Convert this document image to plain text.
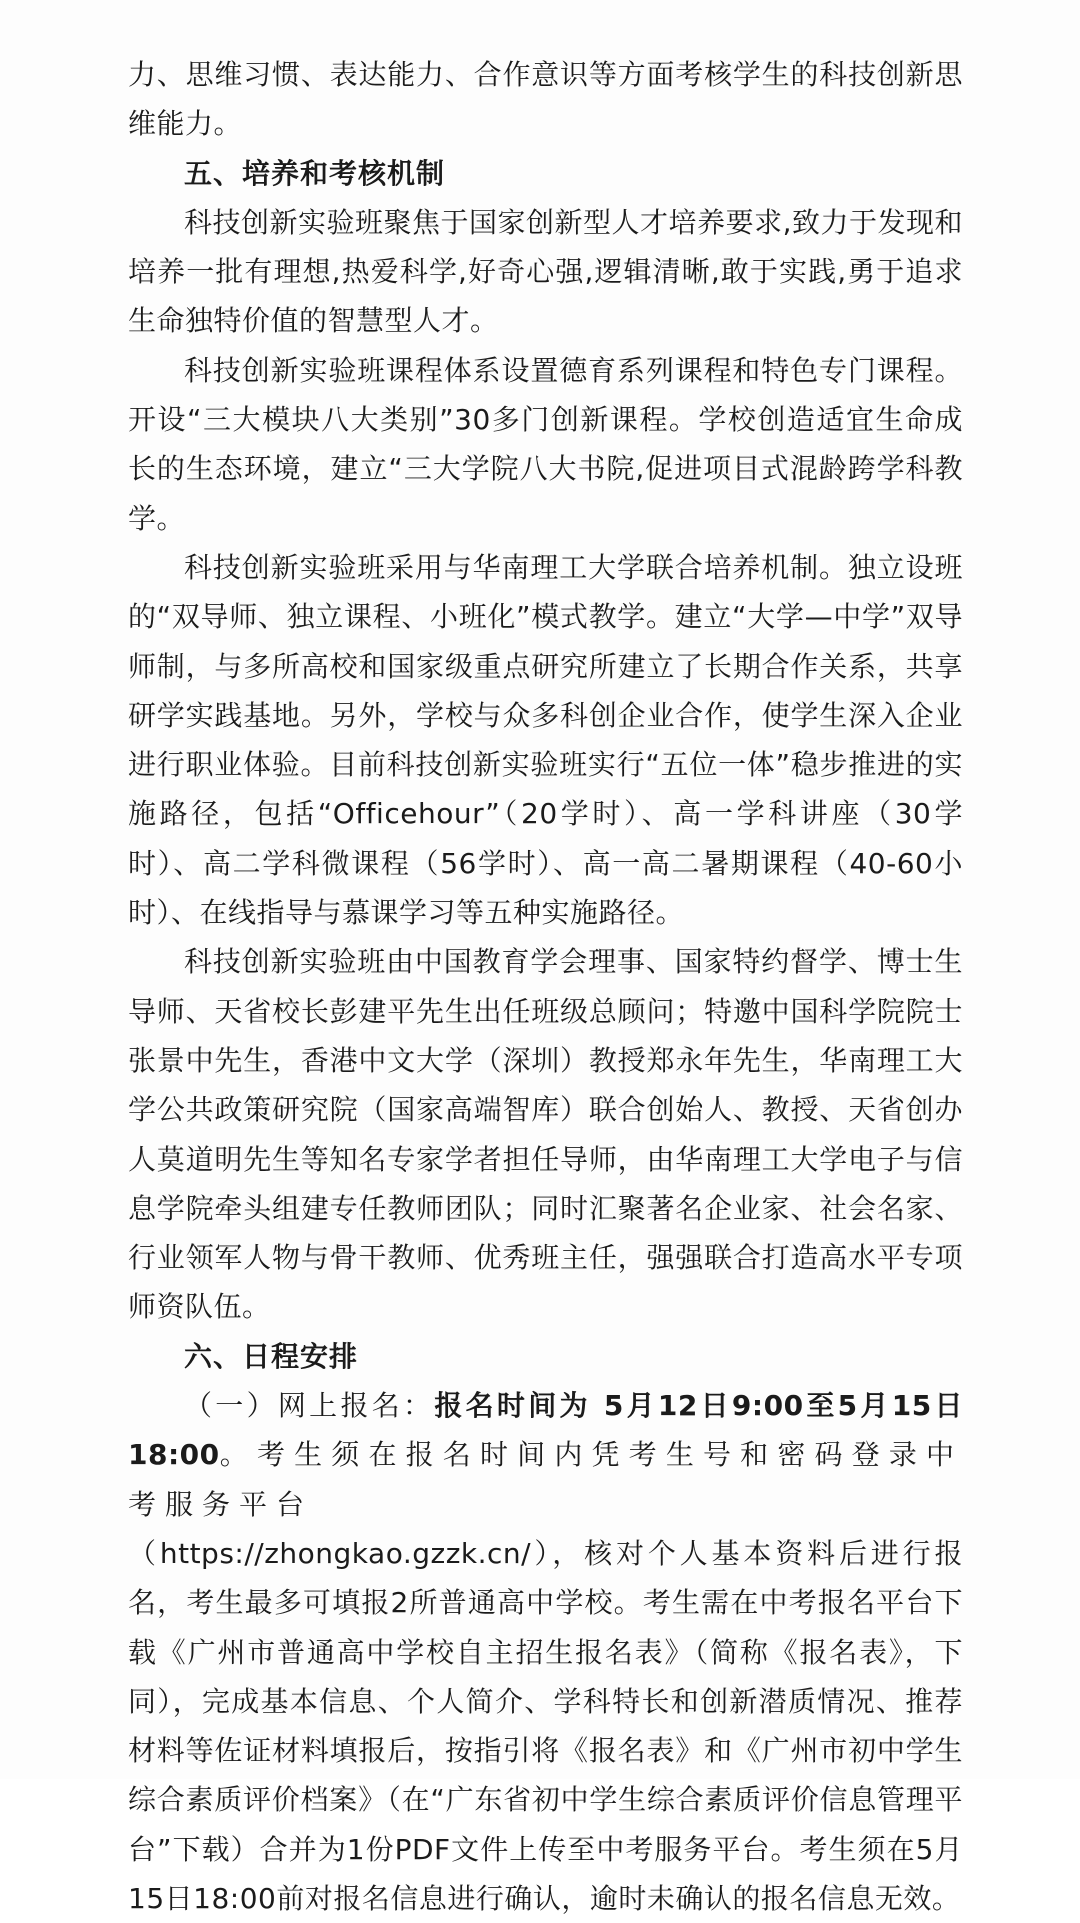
力、思维习惯、表达能力、合作意识等方面考核学生的科技创新思维能力。

五、培养和考核机制

科技创新实验班聚焦于国家创新型人才培养要求,致力于发现和培养一批有理想,热爱科学,好奇心强,逻辑清晰,敢于实践,勇于追求生命独特价值的智慧型人才。

科技创新实验班课程体系设置德育系列课程和特色专门课程。开设“三大模块八大类别”30多门创新课程。学校创造适宜生命成长的生态环境，建立“三大学院八大书院,促进项目式混龄跨学科教学。

科技创新实验班采用与华南理工大学联合培养机制。独立设班的“双导师、独立课程、小班化”模式教学。建立“大学—中学”双导师制，与多所高校和国家级重点研究所建立了长期合作关系，共享研学实践基地。另外，学校与众多科创企业合作，使学生深入企业进行职业体验。目前科技创新实验班实行“五位一体”稳步推进的实施路径，包括“Officehour”（20学时）、高一学科讲座（30学时）、高二学科微课程（56学时）、高一高二暑期课程（40-60小时）、在线指导与慕课学习等五种实施路径。

科技创新实验班由中国教育学会理事、国家特约督学、博士生导师、天省校长彭建平先生出任班级总顾问；特邀中国科学院院士张景中先生，香港中文大学（深圳）教授郑永年先生，华南理工大学公共政策研究院（国家高端智库）联合创始人、教授、天省创办人莫道明先生等知名专家学者担任导师，由华南理工大学电子与信息学院牵头组建专任教师团队；同时汇聚著名企业家、社会名家、行业领军人物与骨干教师、优秀班主任，强强联合打造高水平专项师资队伍。

六、日程安排

（一）网上报名：报名时间为 5月12日9:00至5月15日18:00。考生须在报名时间内凭考生号和密码登录中考服务平台

（https://zhongkao.gzzk.cn/），核对个人基本资料后进行报名，考生最多可填报2所普通高中学校。考生需在中考报名平台下载《广州市普通高中学校自主招生报名表》（简称《报名表》，下同），完成基本信息、个人简介、学科特长和创新潜质情况、推荐材料等佐证材料填报后，按指引将《报名表》和《广州市初中学生综合素质评价档案》（在“广东省初中学生综合素质评价信息管理平台”下载）合并为1份PDF文件上传至中考服务平台。考生须在5月15日18:00前对报名信息进行确认，逾时未确认的报名信息无效。
